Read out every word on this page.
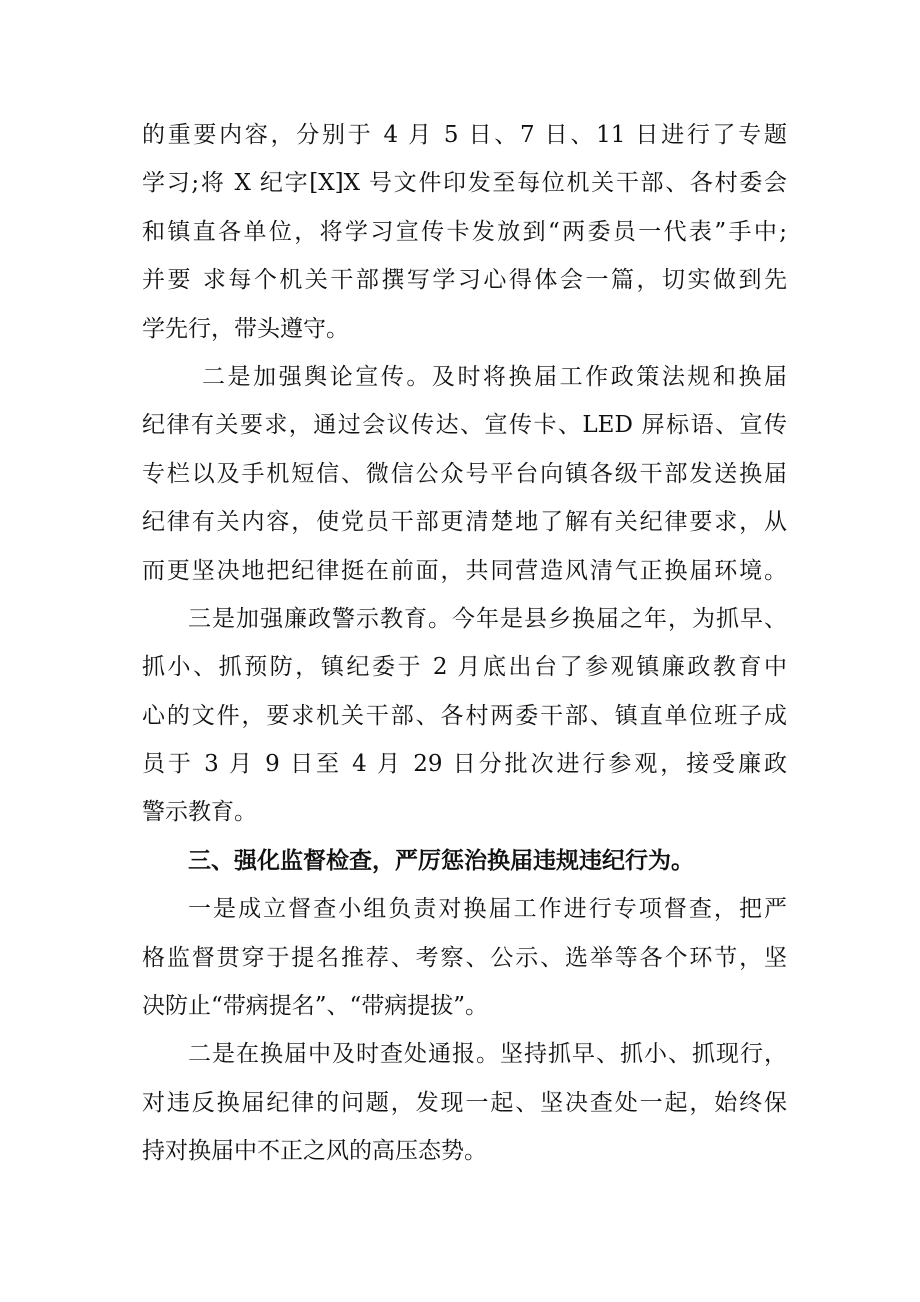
的重要内容，分别于 4 月 5 日、7 日、11 日进行了专题
学习;将 X 纪字[X]X 号文件印发至每位机关干部、各村委会
和镇直各单位，将学习宣传卡发放到“两委员一代表”手中;
并要 求每个机关干部撰写学习心得体会一篇，切实做到先
学先行，带头遵守。
二是加强舆论宣传。及时将换届工作政策法规和换届
纪律有关要求，通过会议传达、宣传卡、LED 屏标语、宣传
专栏以及手机短信、微信公众号平台向镇各级干部发送换届
纪律有关内容，使党员干部更清楚地了解有关纪律要求，从
而更坚决地把纪律挺在前面，共同营造风清气正换届环境。
三是加强廉政警示教育。今年是县乡换届之年，为抓早、
抓小、抓预防，镇纪委于 2 月底出台了参观镇廉政教育中
心的文件，要求机关干部、各村两委干部、镇直单位班子成
员于 3 月 9 日至 4 月 29 日分批次进行参观，接受廉政
警示教育。
三、强化监督检查，严厉惩治换届违规违纪行为。
一是成立督查小组负责对换届工作进行专项督查，把严
格监督贯穿于提名推荐、考察、公示、选举等各个环节，坚
决防止“带病提名”、“带病提拔”。
二是在换届中及时查处通报。坚持抓早、抓小、抓现行，
对违反换届纪律的问题，发现一起、坚决查处一起，始终保
持对换届中不正之风的高压态势。
